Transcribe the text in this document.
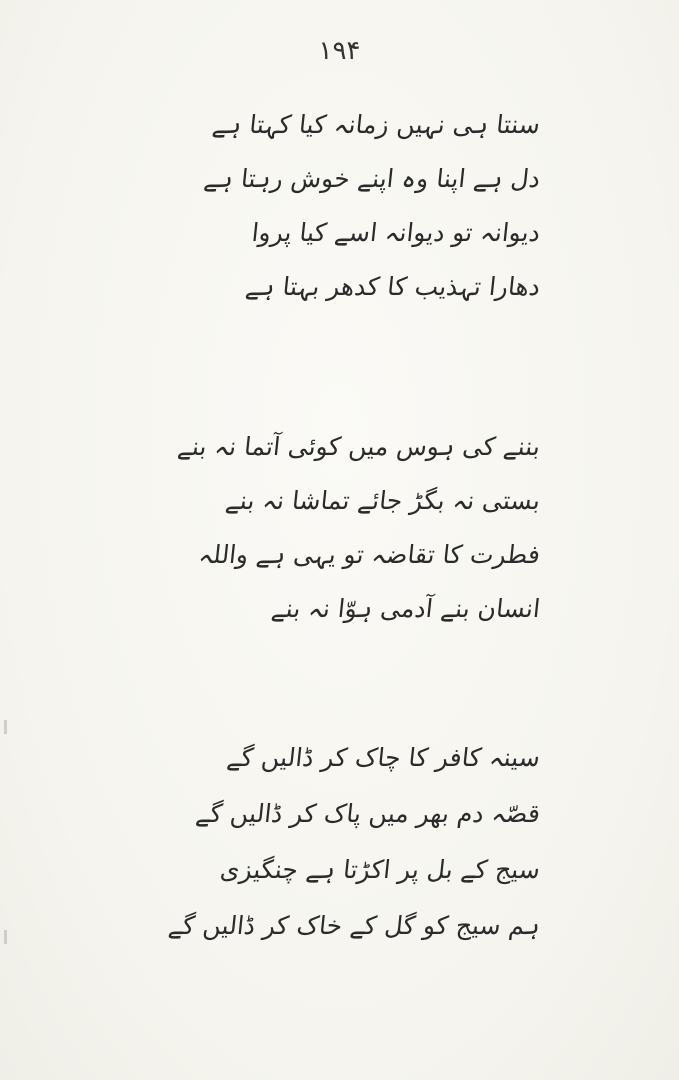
۱۹۴
سنتا ہی نہیں زمانہ کیا کہتا ہے
دل ہے اپنا وہ اپنے خوش رہتا ہے
دیوانہ تو دیوانہ اسے کیا پروا
دھارا تہذیب کا کدھر بہتا ہے
بننے کی ہوس میں کوئی آتما نہ بنے
بستی نہ بگڑ جائے تماشا نہ بنے
فطرت کا تقاضہ تو یہی ہے واللہ
انسان بنے آدمی ہوّا نہ بنے
سینہ کافر کا چاک کر ڈالیں گے
قصّہ دم بھر میں پاک کر ڈالیں گے
سیج کے بل پر اکڑتا ہے چنگیزی
ہم سیج کو گل کے خاک کر ڈالیں گے
